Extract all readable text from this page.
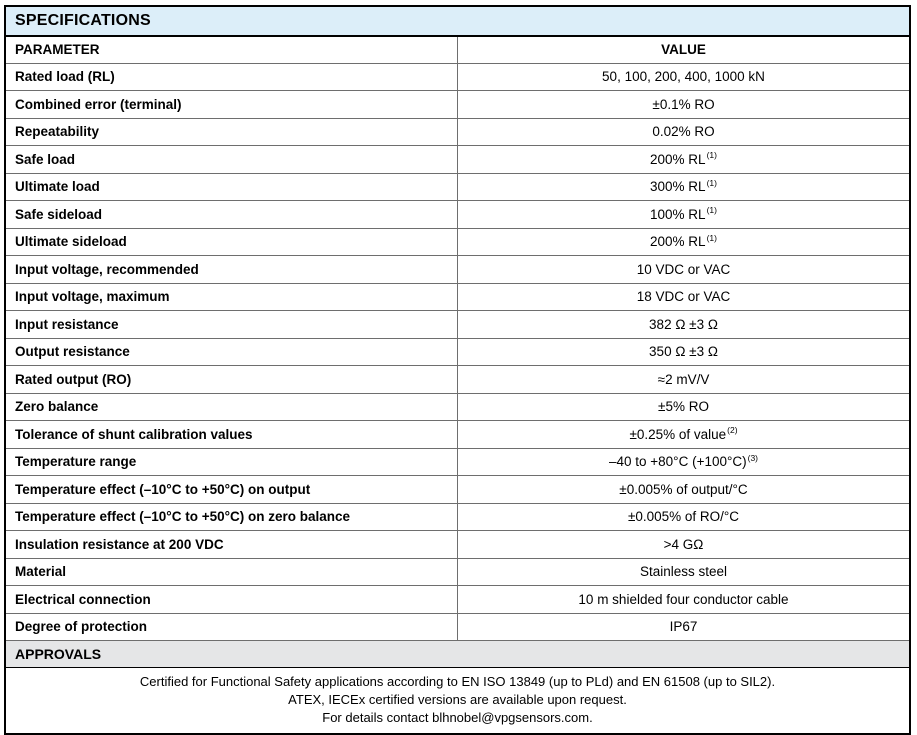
SPECIFICATIONS	
PARAMETER	VALUE
Rated load (RL)	50, 100, 200, 400, 1000 kN
Combined error (terminal)	±0.1% RO
Repeatability	0.02% RO
Safe load	200% RL$^{(1)}$
Ultimate load	300% RL$^{(1)}$
Safe sideload	100% RL$^{(1)}$
Ultimate sideload	200% RL$^{(1)}$
Input voltage, recommended	10 VDC or VAC
Input voltage, maximum	18 VDC or VAC
Input resistance	382 Ω ±3 Ω
Output resistance	350 Ω ±3 Ω
Rated output (RO)	≈2 mV/V
Zero balance	±5% RO
Tolerance of shunt calibration values	±0.25% of value$^{(2)}$
Temperature range	–40 to +80°C $(+100^\circ C)^{(3)}$
Temperature effect (–10°C to +50°C) on output	±0.005% of output/°C
Temperature effect (–10°C to +50°C) on zero balance	±0.005% of RO/°C
Insulation resistance at 200 VDC	>4 GΩ
Material	Stainless steel
Electrical connection	10 m shielded four conductor cable
Degree of protection	IP67
APPROVALS	

Certified for Functional Safety applications according to EN ISO 13849 (up to PLd) and EN 61508 (up to SIL2).
ATEX, IECEx certified versions are available upon request.
For details contact blhnobel@vpgsensors.com.	
